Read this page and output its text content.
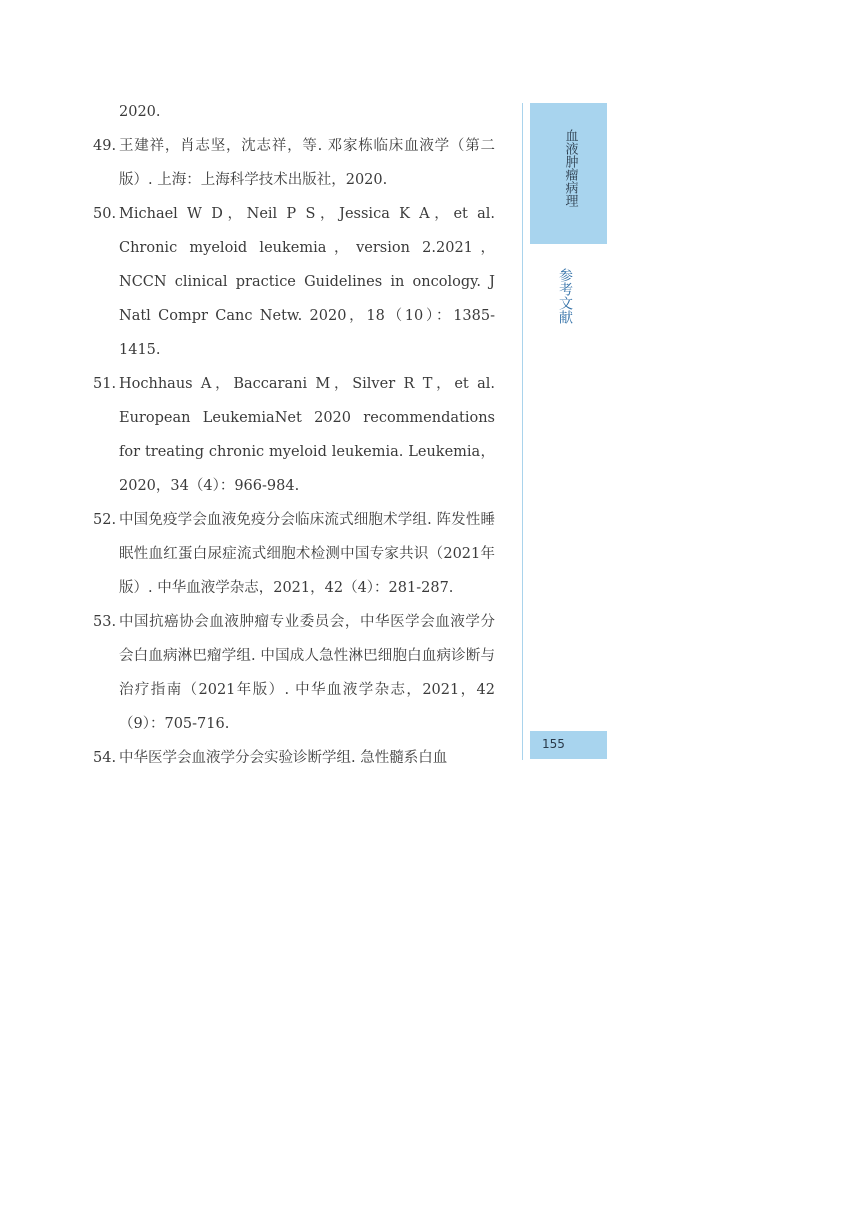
2020.
49. 王建祥，肖志坚，沈志祥，等. 邓家栋临床血液学（第二版）. 上海：上海科学技术出版社，2020.
50. Michael W D，Neil P S，Jessica K A，et al. Chronic myeloid leukemia，version 2.2021，NCCN clinical practice Guidelines in oncology. J Natl Compr Canc Netw. 2020，18（10）：1385-1415.
51. Hochhaus A，Baccarani M，Silver R T，et al. European LeukemiaNet 2020 recommendations for treating chronic myeloid leukemia. Leukemia，2020，34（4）：966-984.
52. 中国免疫学会血液免疫分会临床流式细胞术学组. 阵发性睡眠性血红蛋白尿症流式细胞术检测中国专家共识（2021年版）. 中华血液学杂志，2021，42（4）：281-287.
53. 中国抗癌协会血液肿瘤专业委员会，中华医学会血液学分会白血病淋巴瘤学组. 中国成人急性淋巴细胞白血病诊断与治疗指南（2021年版）. 中华血液学杂志，2021，42（9）：705-716.
54. 中华医学会血液学分会实验诊断学组. 急性髓系白血
血液肿瘤病理
参考文献
155
